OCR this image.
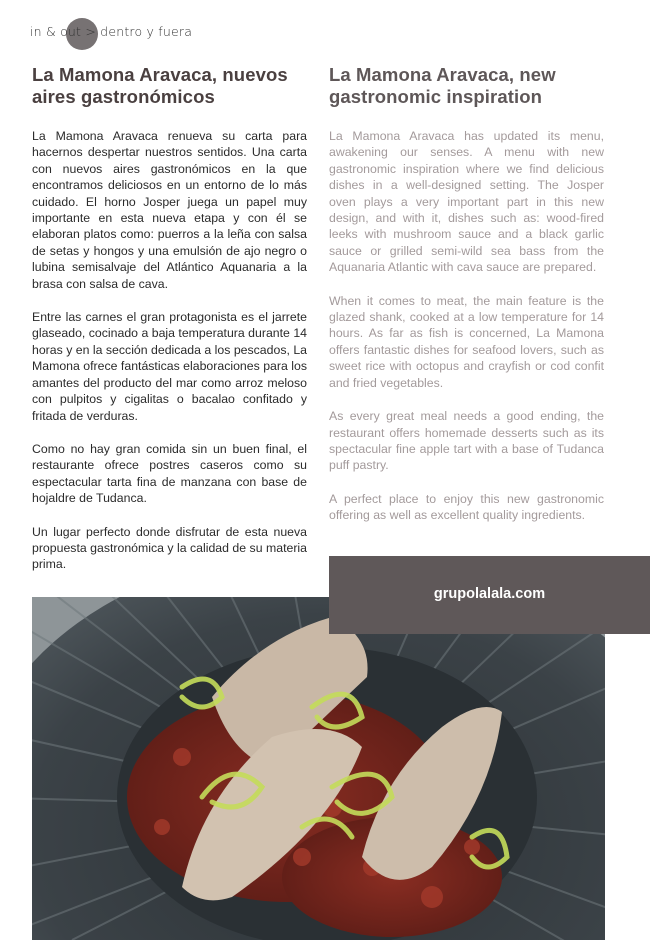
in & out > dentro y fuera
La Mamona Aravaca, nuevos aires gastronómicos

La Mamona Aravaca renueva su carta para hacernos despertar nuestros sentidos. Una carta con nuevos aires gastronómicos en la que encontramos deliciosos en un entorno de lo más cuidado. El horno Josper juega un papel muy importante en esta nueva etapa y con él se elaboran platos como: puerros a la leña con salsa de setas y hongos y una emulsión de ajo negro o lubina semisalvaje del Atlántico Aquanaria a la brasa con salsa de cava.

Entre las carnes el gran protagonista es el jarrete glaseado, cocinado a baja temperatura durante 14 horas y en la sección dedicada a los pescados, La Mamona ofrece fantásticas elaboraciones para los amantes del producto del mar como arroz meloso con pulpitos y cigalitas o bacalao confitado y fritada de verduras.

Como no hay gran comida sin un buen final, el restaurante ofrece postres caseros como su espectacular tarta fina de manzana con base de hojaldre de Tudanca.

Un lugar perfecto donde disfrutar de esta nueva propuesta gastronómica y la calidad de su materia prima.

La Mamona Aravaca, new gastronomic inspiration

La Mamona Aravaca has updated its menu, awakening our senses. A menu with new gastronomic inspiration where we find delicious dishes in a well-designed setting. The Josper oven plays a very important part in this new design, and with it, dishes such as: wood-fired leeks with mushroom sauce and a black garlic sauce or grilled semi-wild sea bass from the Aquanaria Atlantic with cava sauce are prepared.

When it comes to meat, the main feature is the glazed shank, cooked at a low temperature for 14 hours. As far as fish is concerned, La Mamona offers fantastic dishes for seafood lovers, such as sweet rice with octopus and crayfish or cod confit and fried vegetables.

As every great meal needs a good ending, the restaurant offers homemade desserts such as its spectacular fine apple tart with a base of Tudanca puff pastry.

A perfect place to enjoy this new gastronomic offering as well as excellent quality ingredients.

grupolalala.com
